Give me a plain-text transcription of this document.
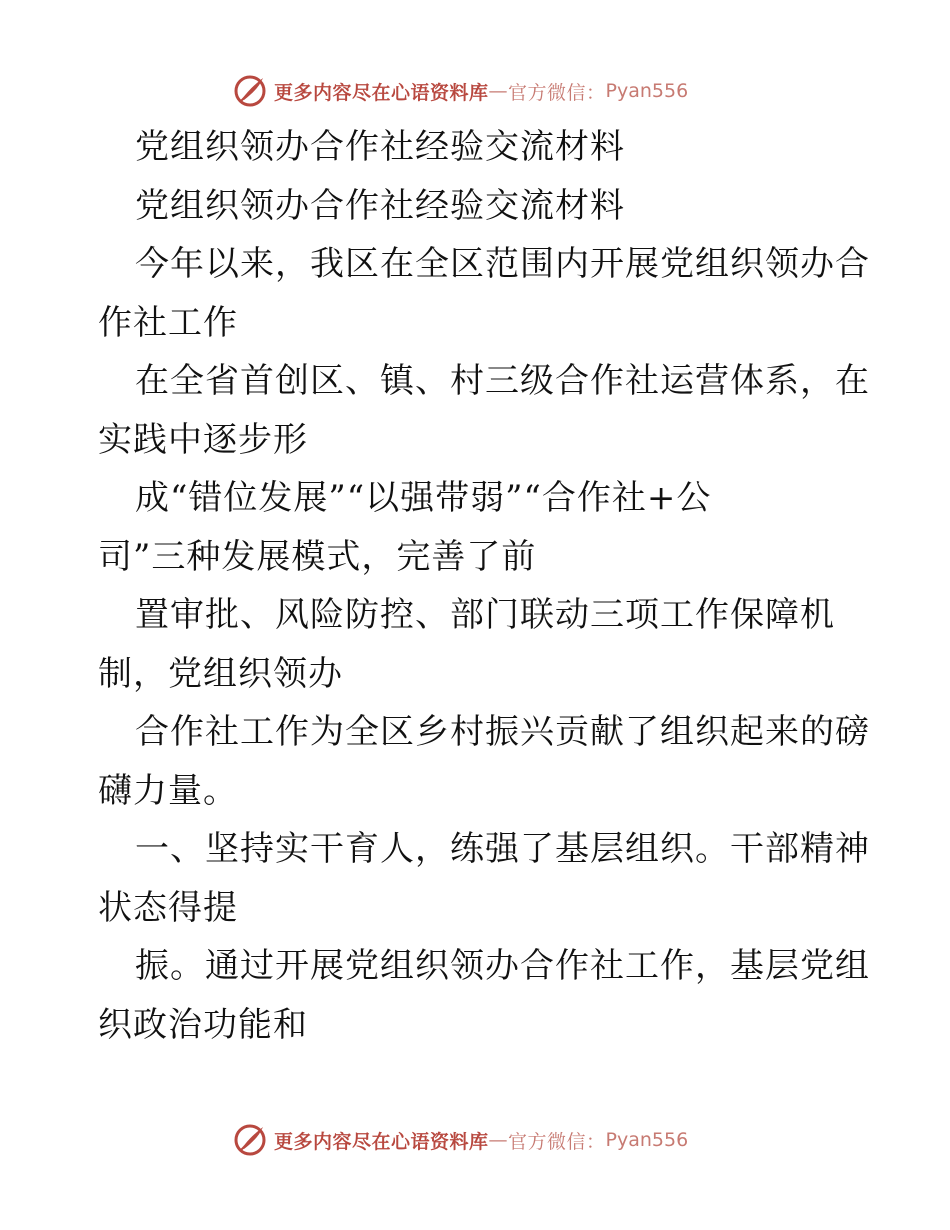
更多内容尽在心语资料库 — 官方微信： Pyan556
党组织领办合作社经验交流材料
党组织领办合作社经验交流材料
今年以来，我区在全区范围内开展党组织领办合
作社工作
在全省首创区、镇、村三级合作社运营体系，在
实践中逐步形
成“错位发展”“以强带弱”“合作社+公
司”三种发展模式，完善了前
置审批、风险防控、部门联动三项工作保障机
制，党组织领办
合作社工作为全区乡村振兴贡献了组织起来的磅
礴力量。
一、坚持实干育人，练强了基层组织。干部精神
状态得提
振。通过开展党组织领办合作社工作，基层党组
织政治功能和
更多内容尽在心语资料库 — 官方微信： Pyan556
